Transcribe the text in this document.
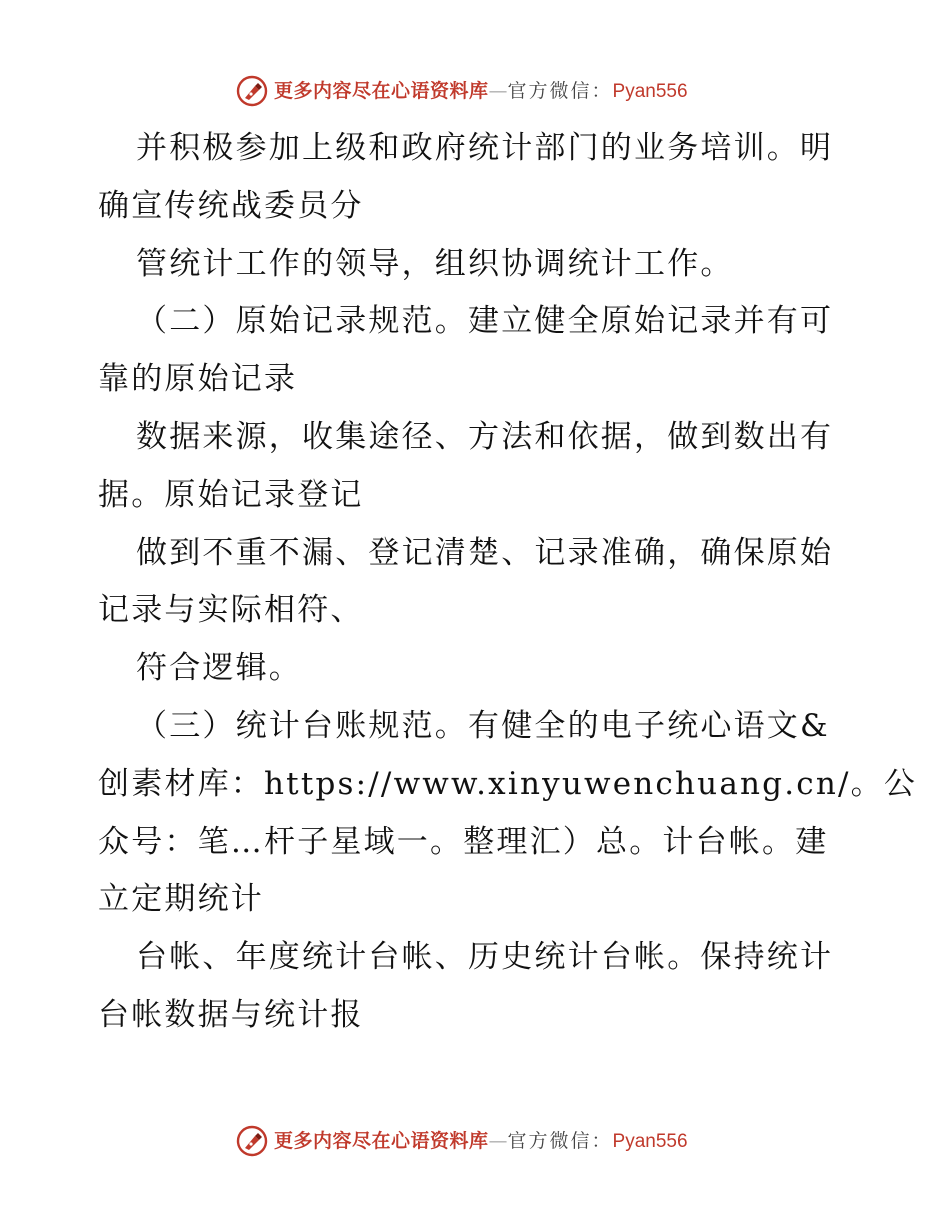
更多内容尽在心语资料库 — 官方微信： Pyan556
并积极参加上级和政府统计部门的业务培训。明
确宣传统战委员分
管统计工作的领导，组织协调统计工作。
（二）原始记录规范。建立健全原始记录并有可
靠的原始记录
数据来源，收集途径、方法和依据，做到数出有
据。原始记录登记
做到不重不漏、登记清楚、记录准确，确保原始
记录与实际相符、
符合逻辑。
（三）统计台账规范。有健全的电子统心语文&
创素材库：https://www.xinyuwenchuang.cn/。公
众号：笔…杆子星域一。整理汇）总。计台帐。建
立定期统计
台帐、年度统计台帐、历史统计台帐。保持统计
台帐数据与统计报
更多内容尽在心语资料库 — 官方微信： Pyan556
